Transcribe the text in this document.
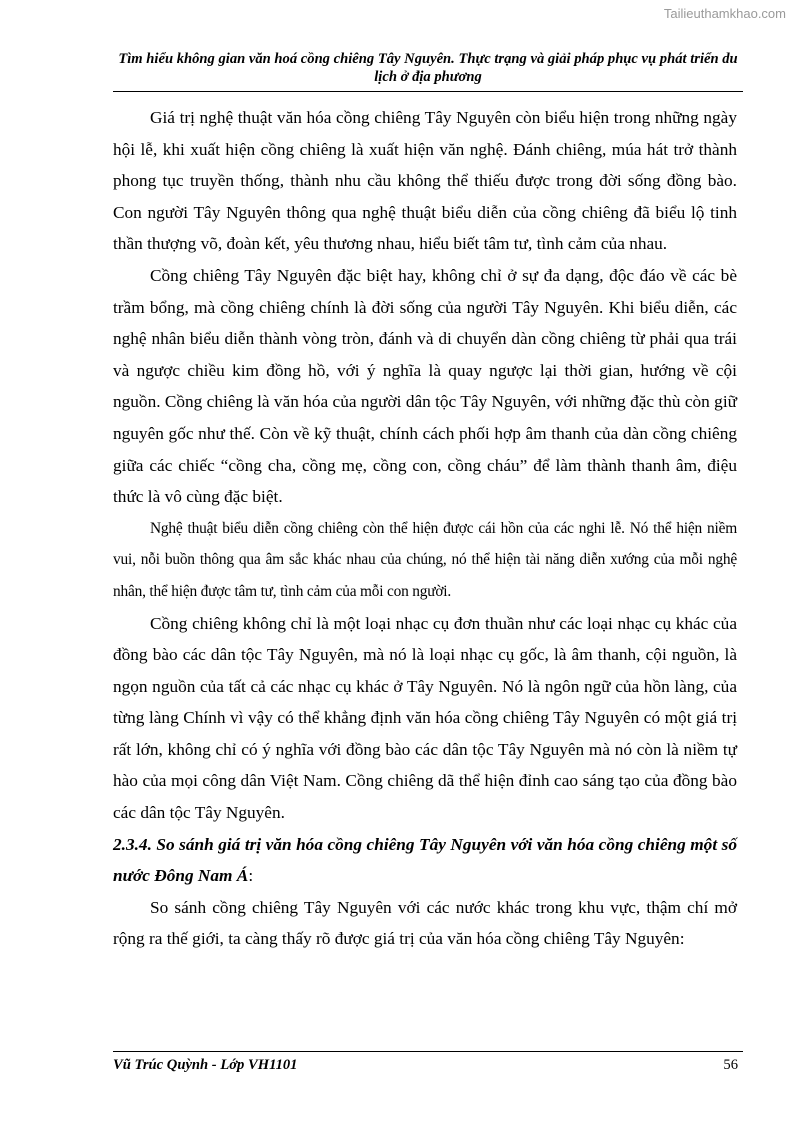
Tailieuthamkhao.com
Tìm hiểu không gian văn hoá cồng chiêng Tây Nguyên. Thực trạng và giải pháp phục vụ phát triển du lịch ở địa phương

Giá trị nghệ thuật văn hóa cồng chiêng Tây Nguyên còn biểu hiện trong những ngày hội lễ, khi xuất hiện cồng chiêng là xuất hiện văn nghệ. Đánh chiêng, múa hát trở thành phong tục truyền thống, thành nhu cầu không thể thiếu được trong đời sống đồng bào. Con người Tây Nguyên thông qua nghệ thuật biểu diễn của cồng chiêng đã biểu lộ tinh thần thượng võ, đoàn kết, yêu thương nhau, hiểu biết tâm tư, tình cảm của nhau.

Cồng chiêng Tây Nguyên đặc biệt hay, không chỉ ở sự đa dạng, độc đáo về các bè trầm bổng, mà cồng chiêng chính là đời sống của người Tây Nguyên. Khi biểu diễn, các nghệ nhân biểu diễn thành vòng tròn, đánh và di chuyển dàn cồng chiêng từ phải qua trái và ngược chiều kim đồng hồ, với ý nghĩa là quay ngược lại thời gian, hướng về cội nguồn. Cồng chiêng là văn hóa của người dân tộc Tây Nguyên, với những đặc thù còn giữ nguyên gốc như thế. Còn về kỹ thuật, chính cách phối hợp âm thanh của dàn cồng chiêng giữa các chiếc “cồng cha, cồng mẹ, cồng con, cồng cháu” để làm thành thanh âm, điệu thức là vô cùng đặc biệt.

Nghệ thuật biểu diễn cồng chiêng còn thể hiện được cái hồn của các nghi lễ. Nó thể hiện niềm vui, nỗi buồn thông qua âm sắc khác nhau của chúng, nó thể hiện tài năng diễn xướng của mỗi nghệ nhân, thể hiện được tâm tư, tình cảm của mỗi con người.

Cồng chiêng không chỉ là một loại nhạc cụ đơn thuần như các loại nhạc cụ khác của đồng bào các dân tộc Tây Nguyên, mà nó là loại nhạc cụ gốc, là âm thanh, cội nguồn, là ngọn nguồn của tất cả các nhạc cụ khác ở Tây Nguyên. Nó là ngôn ngữ của hồn làng, của từng làng Chính vì vậy có thể khẳng định văn hóa cồng chiêng Tây Nguyên có một giá trị rất lớn, không chỉ có ý nghĩa với đồng bào các dân tộc Tây Nguyên mà nó còn là niềm tự hào của mọi công dân Việt Nam. Cồng chiêng dã thể hiện đỉnh cao sáng tạo của đồng bào các dân tộc Tây Nguyên.

2.3.4. So sánh giá trị văn hóa cồng chiêng Tây Nguyên với văn hóa cồng chiêng một số nước Đông Nam Á:

So sánh cồng chiêng Tây Nguyên với các nước khác trong khu vực, thậm chí mở rộng ra thế giới, ta càng thấy rõ được giá trị của văn hóa cồng chiêng Tây Nguyên:

Vũ Trúc Quỳnh - Lớp VH1101	56
